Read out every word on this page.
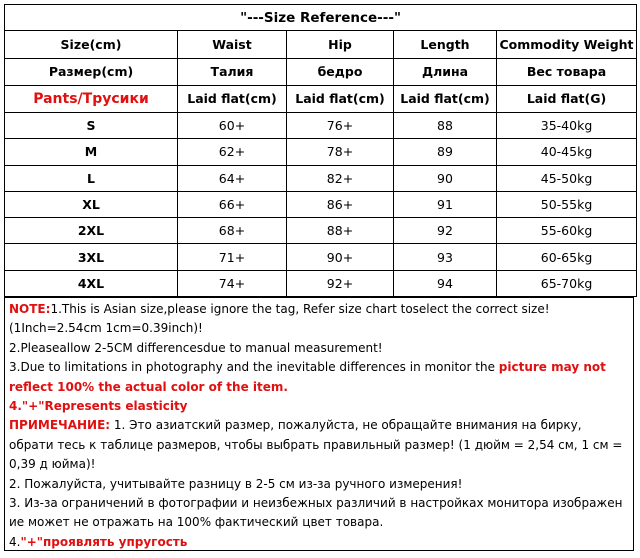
"---Size Reference---"				
Size(cm)	Waist	Hip	Length	Commodity Weight
Размер(cm)	Талия	бедро	Длина	Вес товара
Pants/Трусики	Laid flat(cm)	Laid flat(cm)	Laid flat(cm)	Laid flat(G)
S	60+	76+	88	35-40kg
M	62+	78+	89	40-45kg
L	64+	82+	90	45-50kg
XL	66+	86+	91	50-55kg
2XL	68+	88+	92	55-60kg
3XL	71+	90+	93	60-65kg
4XL	74+	92+	94	65-70kg

NOTE:1.This is Asian size,please ignore the tag, Refer size chart toselect the correct size!(1Inch=2.54cm 1cm=0.39inch)!

2.Pleaseallow 2-5CM differencesdue to manual measurement!

3.Due to limitations in photography and the inevitable differences in monitor the picture may not reflect 100% the actual color of the item.

4."+"Represents elasticity

ПРИМЕЧАНИЕ: 1. Это азиатский размер, пожалуйста, не обращайте внимания на бирку, обрати тесь к таблице размеров, чтобы выбрать правильный размер! (1 дюйм = 2,54 см, 1 см = 0,39 д юйма)!

2. Пожалуйста, учитывайте разницу в 2-5 см из-за ручного измерения!

3. Из-за ограничений в фотографии и неизбежных различий в настройках монитора изображен ие может не отражать на 100% фактический цвет товара.

4."+"проявлять упругость
